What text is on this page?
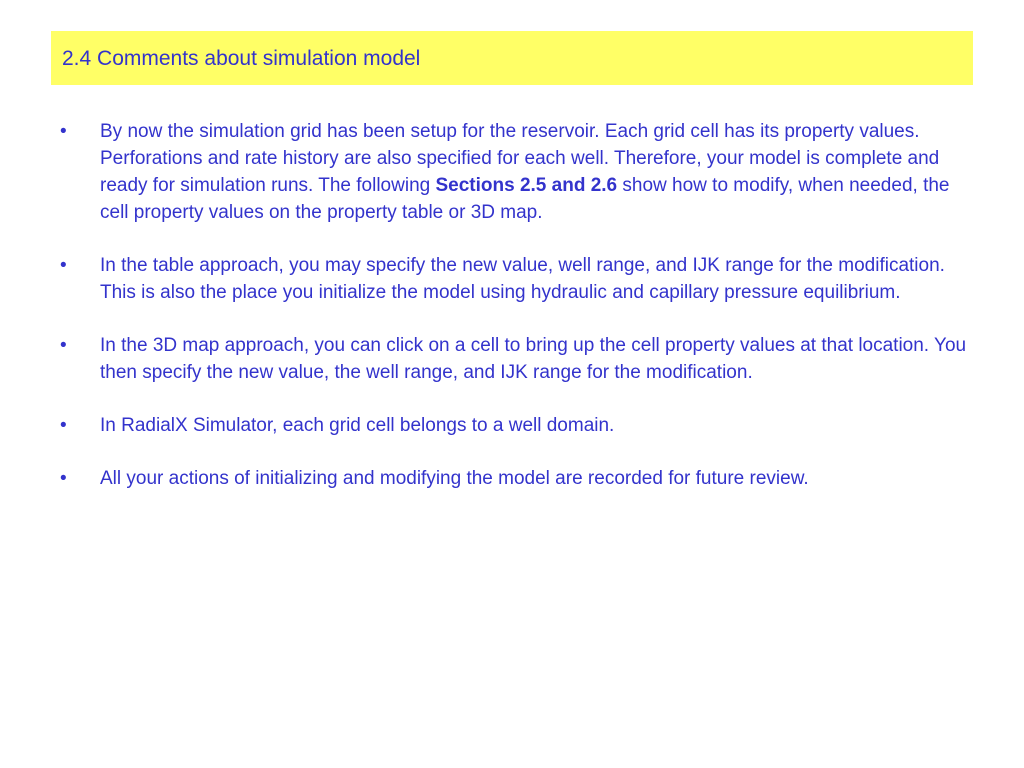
2.4 Comments about simulation model
• By now the simulation grid has been setup for the reservoir. Each grid cell has its property values. Perforations and rate history are also specified for each well. Therefore, your model is complete and ready for simulation runs. The following Sections 2.5 and 2.6 show how to modify, when needed, the cell property values on the property table or 3D map.
• In the table approach, you may specify the new value, well range, and IJK range for the modification. This is also the place you initialize the model using hydraulic and capillary pressure equilibrium.
• In the 3D map approach, you can click on a cell to bring up the cell property values at that location. You then specify the new value, the well range, and IJK range for the modification.
• In RadialX Simulator, each grid cell belongs to a well domain.
• All your actions of initializing and modifying the model are recorded for future review.
